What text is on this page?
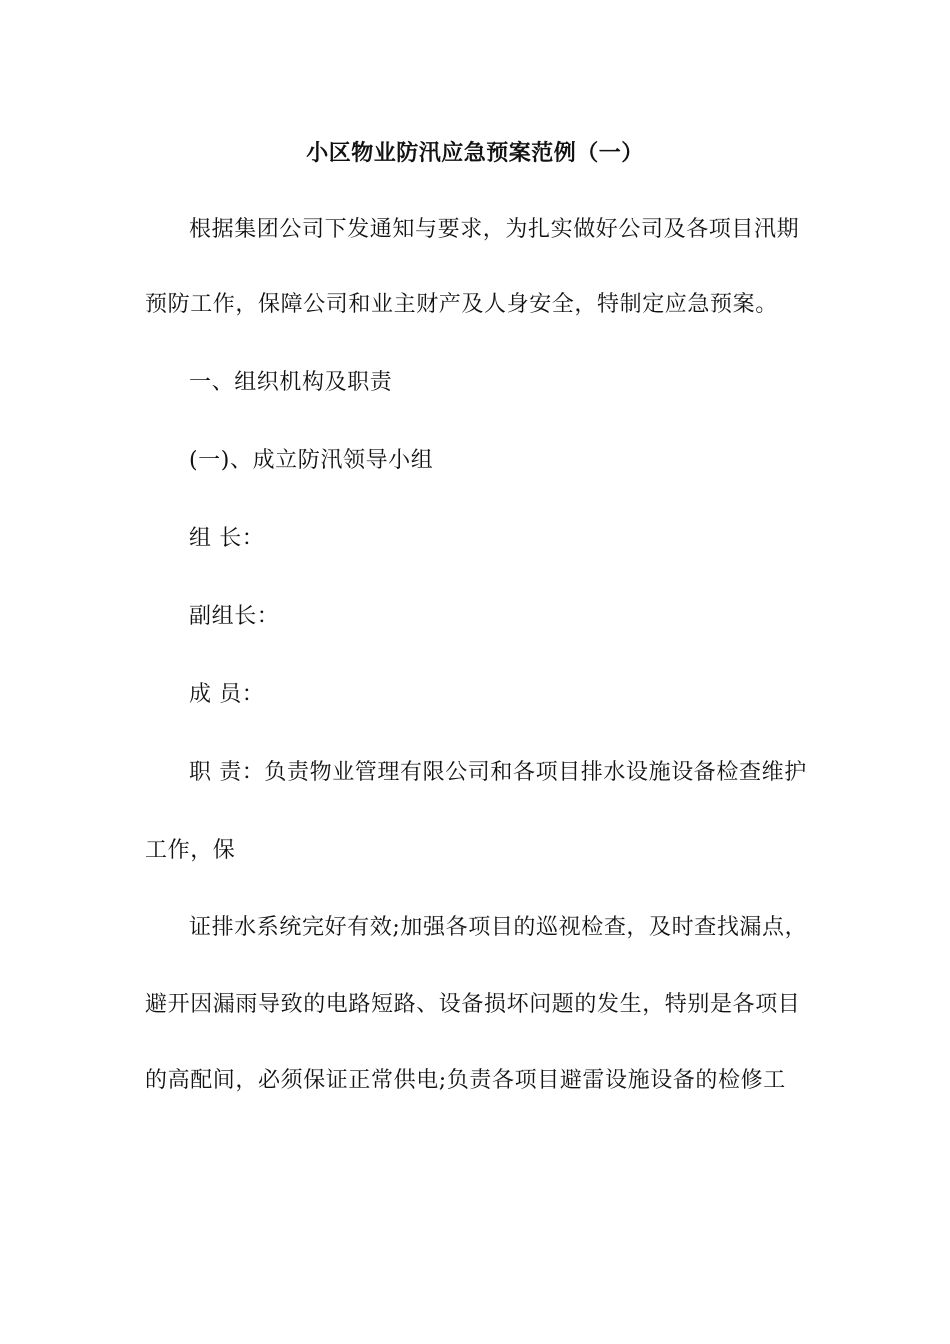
小区物业防汛应急预案范例（一）
根据集团公司下发通知与要求，为扎实做好公司及各项目汛期
预防工作，保障公司和业主财产及人身安全，特制定应急预案。
一、组织机构及职责
(一)、成立防汛领导小组
组 长：
副组长：
成 员：
职 责：负责物业管理有限公司和各项目排水设施设备检查维护
工作，保
证排水系统完好有效;加强各项目的巡视检查，及时查找漏点，
避开因漏雨导致的电路短路、设备损坏问题的发生，特别是各项目
的高配间，必须保证正常供电;负责各项目避雷设施设备的检修工
